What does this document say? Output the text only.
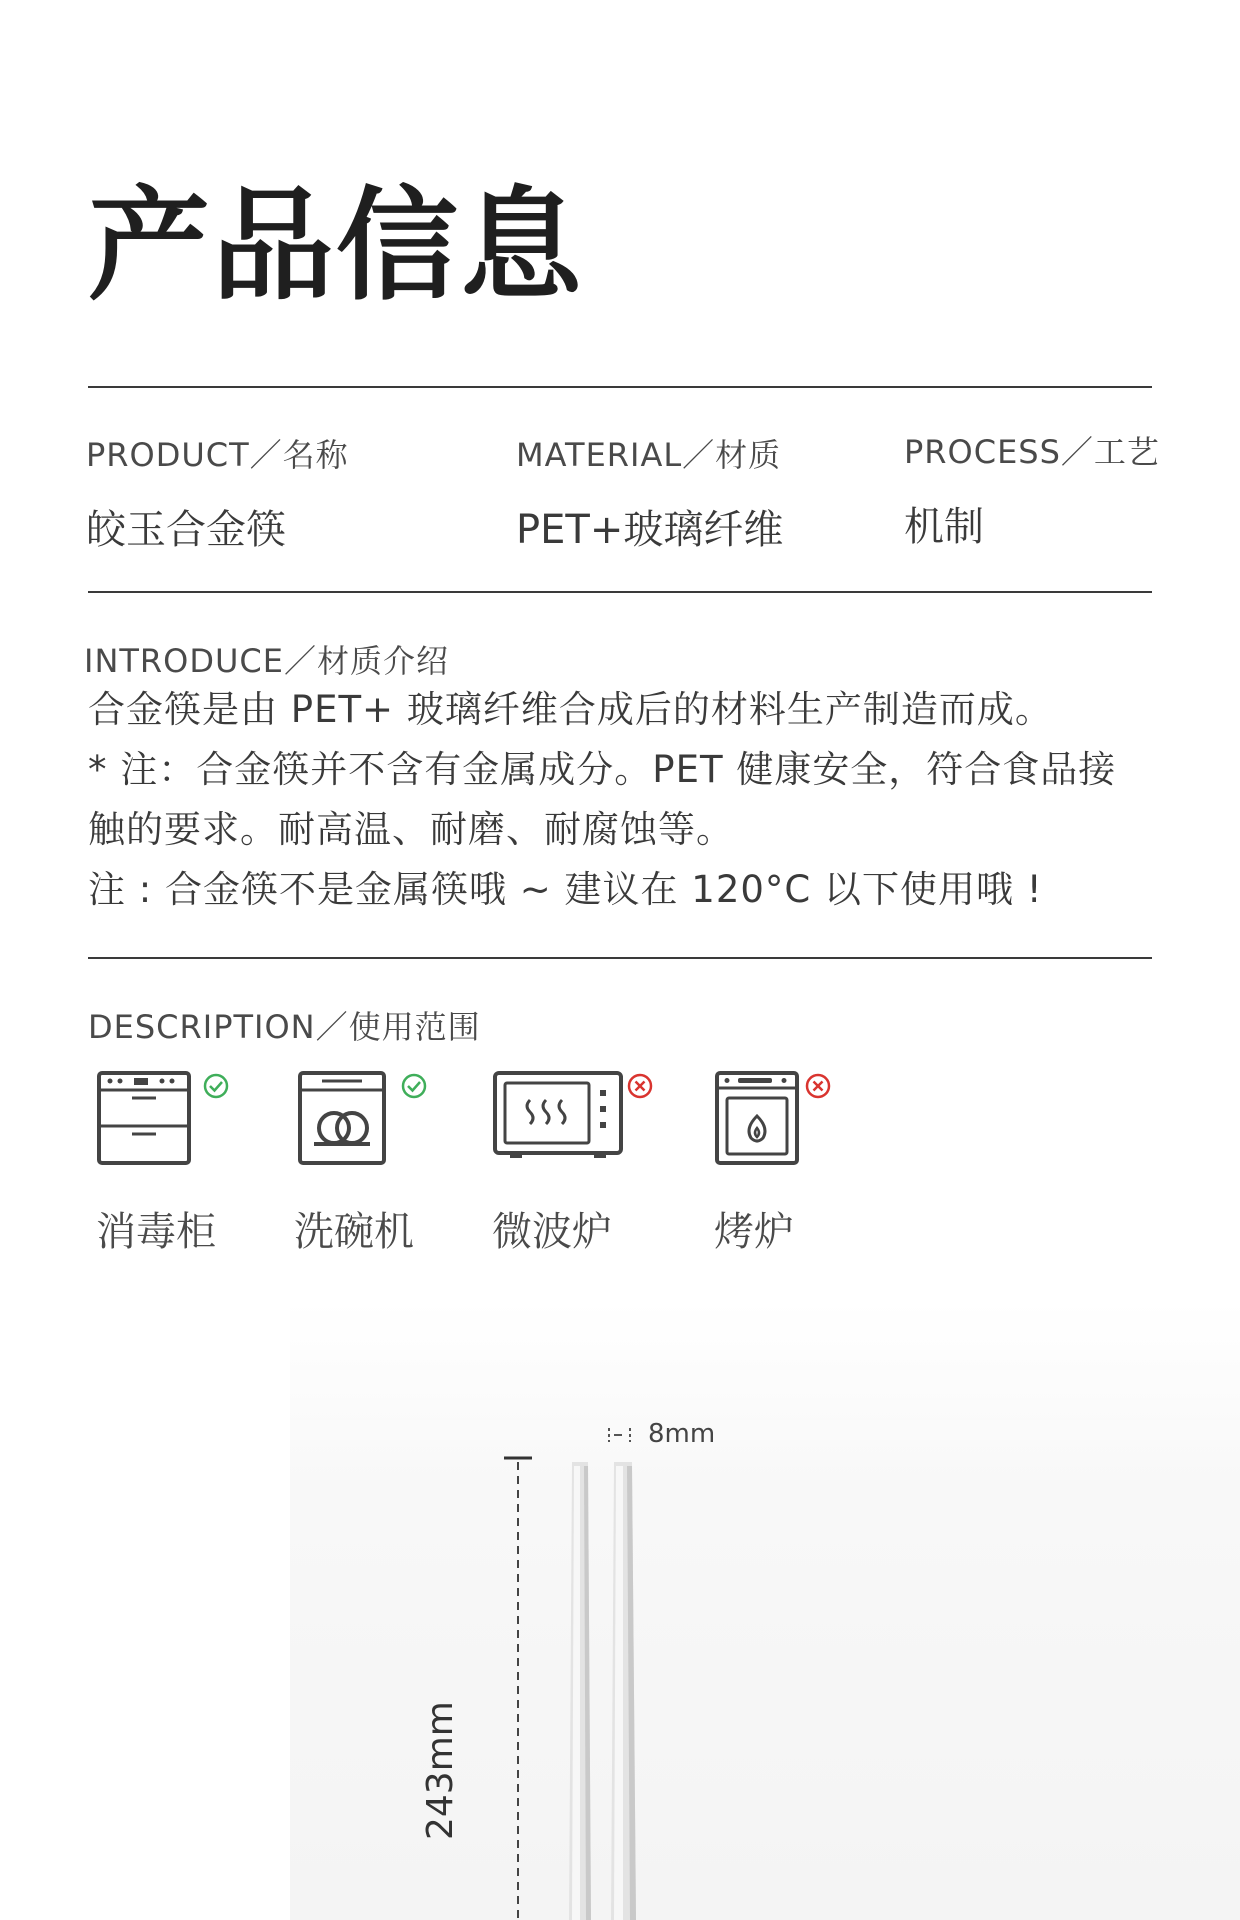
产品信息
PRODUCT／名称
皎玉合金筷
MATERIAL／材质
PET+玻璃纤维
PROCESS／工艺
机制
INTRODUCE／材质介绍
合金筷是由 PET+ 玻璃纤维合成后的材料生产制造而成。
* 注：合金筷并不含有金属成分。PET 健康安全，符合食品接
触的要求。耐高温、耐磨、耐腐蚀等。
注 : 合金筷不是金属筷哦 ~ 建议在 120°C 以下使用哦 !
DESCRIPTION／使用范围
消毒柜 洗碗机 微波炉	烤炉
8mm
243mm
